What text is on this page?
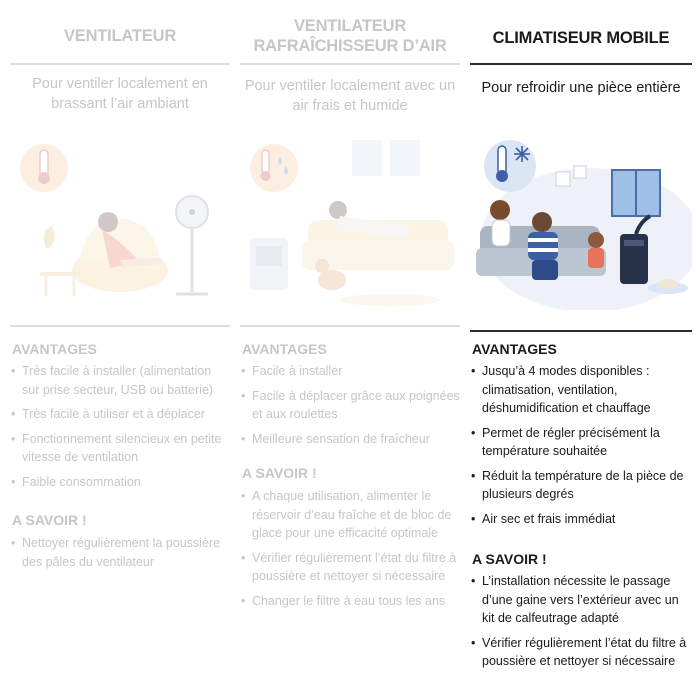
VENTILATEUR
Pour ventiler localement en brassant l’air ambiant
AVANTAGES
• Très facile à installer (alimentation sur prise secteur, USB ou batterie)
• Très facile à utiliser et à déplacer
• Fonctionnement silencieux en petite vitesse de ventilation
• Faible consommation
A SAVOIR !
• Nettoyer régulièrement la poussière des pâles du ventilateur
VENTILATEUR RAFRAÎCHISSEUR D’AIR
Pour ventiler localement avec un air frais et humide
AVANTAGES
• Facile à installer
• Facile à déplacer grâce aux poignées et aux roulettes
• Meilleure sensation de fraîcheur
A SAVOIR !
• A chaque utilisation, alimenter le réservoir d’eau fraîche et de bloc de glace pour une efficacité optimale
• Vérifier régulièrement l’état du filtre à poussière et nettoyer si nécessaire
• Changer le filtre à eau tous les ans
CLIMATISEUR MOBILE
Pour refroidir une pièce entière
AVANTAGES
• Jusqu’à 4 modes disponibles : climatisation, ventilation, déshumidification et chauffage
• Permet de régler précisément la température souhaitée
• Réduit la température de la pièce de plusieurs degrés
• Air sec et frais immédiat
A SAVOIR !
• L’installation nécessite le passage d’une gaine vers l’extérieur avec un kit de calfeutrage adapté
• Vérifier régulièrement l’état du filtre à poussière et nettoyer si nécessaire
